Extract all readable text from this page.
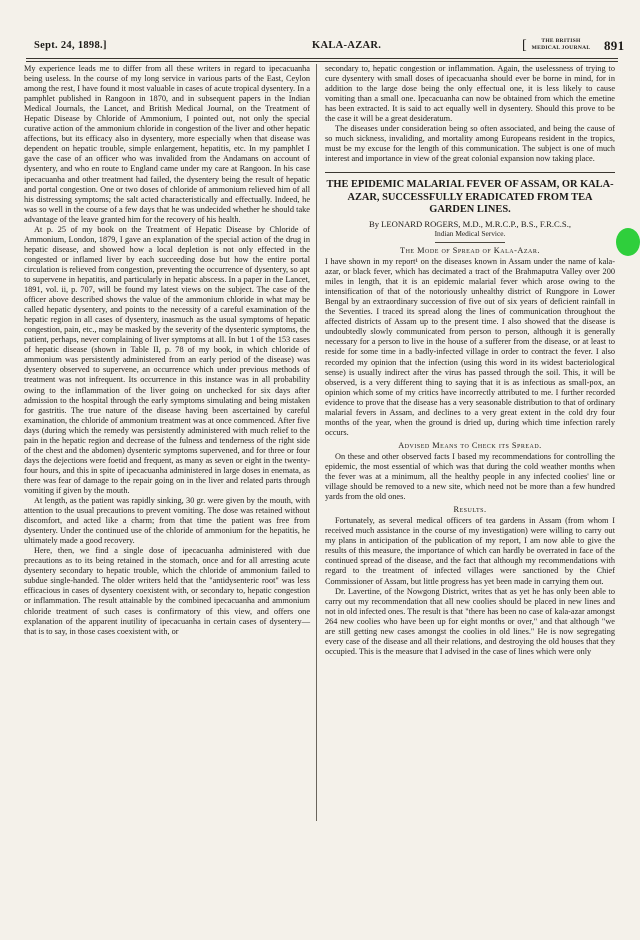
Sept. 24, 1898.]	KALA-AZAR.	[	THE BRITISH MEDICAL JOURNAL 891

My experience leads me to differ from all these writers in regard to ipecacuanha being useless. In the course of my long service in various parts of the East, Ceylon among the rest, I have found it most valuable in cases of acute tropical dysentery. In a pamphlet published in Rangoon in 1870, and in subsequent papers in the Indian Medical Journals, the Lancet, and British Medical Journal, on the Treatment of Hepatic Disease by Chloride of Ammonium, I pointed out, not only the special curative action of the ammonium chloride in congestion of the liver and other hepatic affections, but its efficacy also in dysentery, more especially when that disease was dependent on hepatic trouble, simple enlargement, hepatitis, etc. In my pamphlet I gave the case of an officer who was invalided from the Andamans on account of dysentery, and who en route to England came under my care at Rangoon. In his case ipecacuanha and other treatment had failed, the dysentery being the result of hepatic and portal congestion. One or two doses of chloride of ammonium relieved him of all his distressing symptoms; the salt acted characteristically and effectually. Indeed, he was so well in the course of a few days that he was undecided whether he should take advantage of the leave granted him for the recovery of his health.

At p. 25 of my book on the Treatment of Hepatic Disease by Chloride of Ammonium, London, 1879, I gave an explanation of the special action of the drug in hepatic disease, and showed how a local depletion is not only effected in the congested or inflamed liver by each succeeding dose but how the entire portal circulation is relieved from congestion, preventing the occurrence of dysentery, so apt to supervene in hepatitis, and particularly in hepatic abscess. In a paper in the Lancet, 1891, vol. ii, p. 707, will be found my latest views on the subject. The case of the officer above described shows the value of the ammonium chloride in what may be called hepatic dysentery, and points to the necessity of a careful examination of the hepatic region in all cases of dysentery, inasmuch as the usual symptoms of hepatic congestion, pain, etc., may be masked by the severity of the dysenteric symptoms, the patient, perhaps, never complaining of liver symptoms at all. In but 1 of the 153 cases of hepatic disease (shown in Table II, p. 78 of my book, in which chloride of ammonium was persistently administered from an early period of the disease) was dysentery observed to supervene, an occurrence which under previous methods of treatment was not infrequent. Its occurrence in this instance was in all probability owing to the inflammation of the liver going on unchecked for six days after admission to the hospital through the early symptoms simulating and being mistaken for gastritis. The true nature of the disease having been ascertained by careful examination, the chloride of ammonium treatment was at once commenced. After five days (during which the remedy was persistently administered with much relief to the pain in the hepatic region and decrease of the fulness and tenderness of the right side of the chest and the abdomen) dysenteric symptoms supervened, and for three or four days the dejections were foetid and frequent, as many as seven or eight in the twenty-four hours, and this in spite of ipecacuanha administered in large doses in enemata, as there was fear of damage to the repair going on in the liver and related parts through vomiting if given by the mouth.

At length, as the patient was rapidly sinking, 30 gr. were given by the mouth, with attention to the usual precautions to prevent vomiting. The dose was retained without discomfort, and acted like a charm; from that time the patient was free from dysentery. Under the continued use of the chloride of ammonium for the hepatitis, he ultimately made a good recovery.

Here, then, we find a single dose of ipecacuanha administered with due precautions as to its being retained in the stomach, once and for all arresting acute dysentery secondary to hepatic trouble, which the chloride of ammonium failed to subdue single-handed. The older writers held that the "antidysenteric root" was less efficacious in cases of dysentery coexistent with, or secondary to, hepatic congestion or inflammation. The result attainable by the combined ipecacuanha and ammonium chloride treatment of such cases is confirmatory of this view, and offers one explanation of the apparent inutility of ipecacuanha in certain cases of dysentery—that is to say, in those cases coexistent with, or

secondary to, hepatic congestion or inflammation. Again, the uselessness of trying to cure dysentery with small doses of ipecacuanha should ever be borne in mind, for in addition to the large dose being the only effectual one, it is less likely to cause vomiting than a small one. Ipecacuanha can now be obtained from which the emetine has been extracted. It is said to act equally well in dysentery. Should this prove to be the case it will be a great desideratum.

The diseases under consideration being so often associated, and being the cause of so much sickness, invaliding, and mortality among Europeans resident in the tropics, must be my excuse for the length of this communication. The subject is one of much interest and importance in view of the great colonial expansion now taking place.

THE EPIDEMIC MALARIAL FEVER OF ASSAM, OR KALA-AZAR, SUCCESSFULLY ERADICATED FROM TEA GARDEN LINES.
By LEONARD ROGERS, M.D., M.R.C.P., B.S., F.R.C.S.,
Indian Medical Service.
The Mode of Spread of Kala-Azar.

I have shown in my report¹ on the diseases known in Assam under the name of kala-azar, or black fever, which has decimated a tract of the Brahmaputra Valley over 200 miles in length, that it is an epidemic malarial fever which arose owing to the intensification of that of the notoriously unhealthy district of Rungpore in Lower Bengal by an extraordinary succession of five out of six years of deficient rainfall in the Seventies. I traced its spread along the lines of communication throughout the affected districts of Assam up to the present time. I also showed that the disease is undoubtedly slowly communicated from person to person, although it is generally necessary for a person to live in the house of a sufferer from the disease, or at least to reside for some time in a badly-infected village in order to contract the fever. I also recorded my opinion that the infection (using this word in its widest bacteriological sense) is usually indirect after the virus has passed through the soil. This, it will be observed, is a very different thing to saying that it is as infectious as small-pox, an opinion which some of my critics have incorrectly attributed to me. I further recorded evidence to prove that the disease has a very seasonable distribution to that of ordinary malarial fevers in Assam, and declines to a very great extent in the cold dry four months of the year, when the ground is dried up, during which time infection rarely occurs.

Advised Means to Check its Spread.

On these and other observed facts I based my recommendations for controlling the epidemic, the most essential of which was that during the cold weather months when the fever was at a minimum, all the healthy people in any infected coolies' line or village should be removed to a new site, which need not be more than a few hundred yards from the old ones.

Results.

Fortunately, as several medical officers of tea gardens in Assam (from whom I received much assistance in the course of my investigation) were willing to carry out my plans in anticipation of the publication of my report, I am now able to give the results of this measure, the importance of which can hardly be overrated in face of the continued spread of the disease, and the fact that although my recommendations with regard to the treatment of infected villages were sanctioned by the Chief Commissioner of Assam, but little progress has yet been made in carrying them out.

Dr. Lavertine, of the Nowgong District, writes that as yet he has only been able to carry out my recommendation that all new coolies should be placed in new lines and not in old infected ones. The result is that "there has been no case of kala-azar amongst 264 new coolies who have been up for eight months or over," and that although "we are still getting new cases amongst the coolies in old lines." He is now segregating every case of the disease and all their relations, and destroying the old houses that they occupied. This is the measure that I advised in the case of lines which were only
